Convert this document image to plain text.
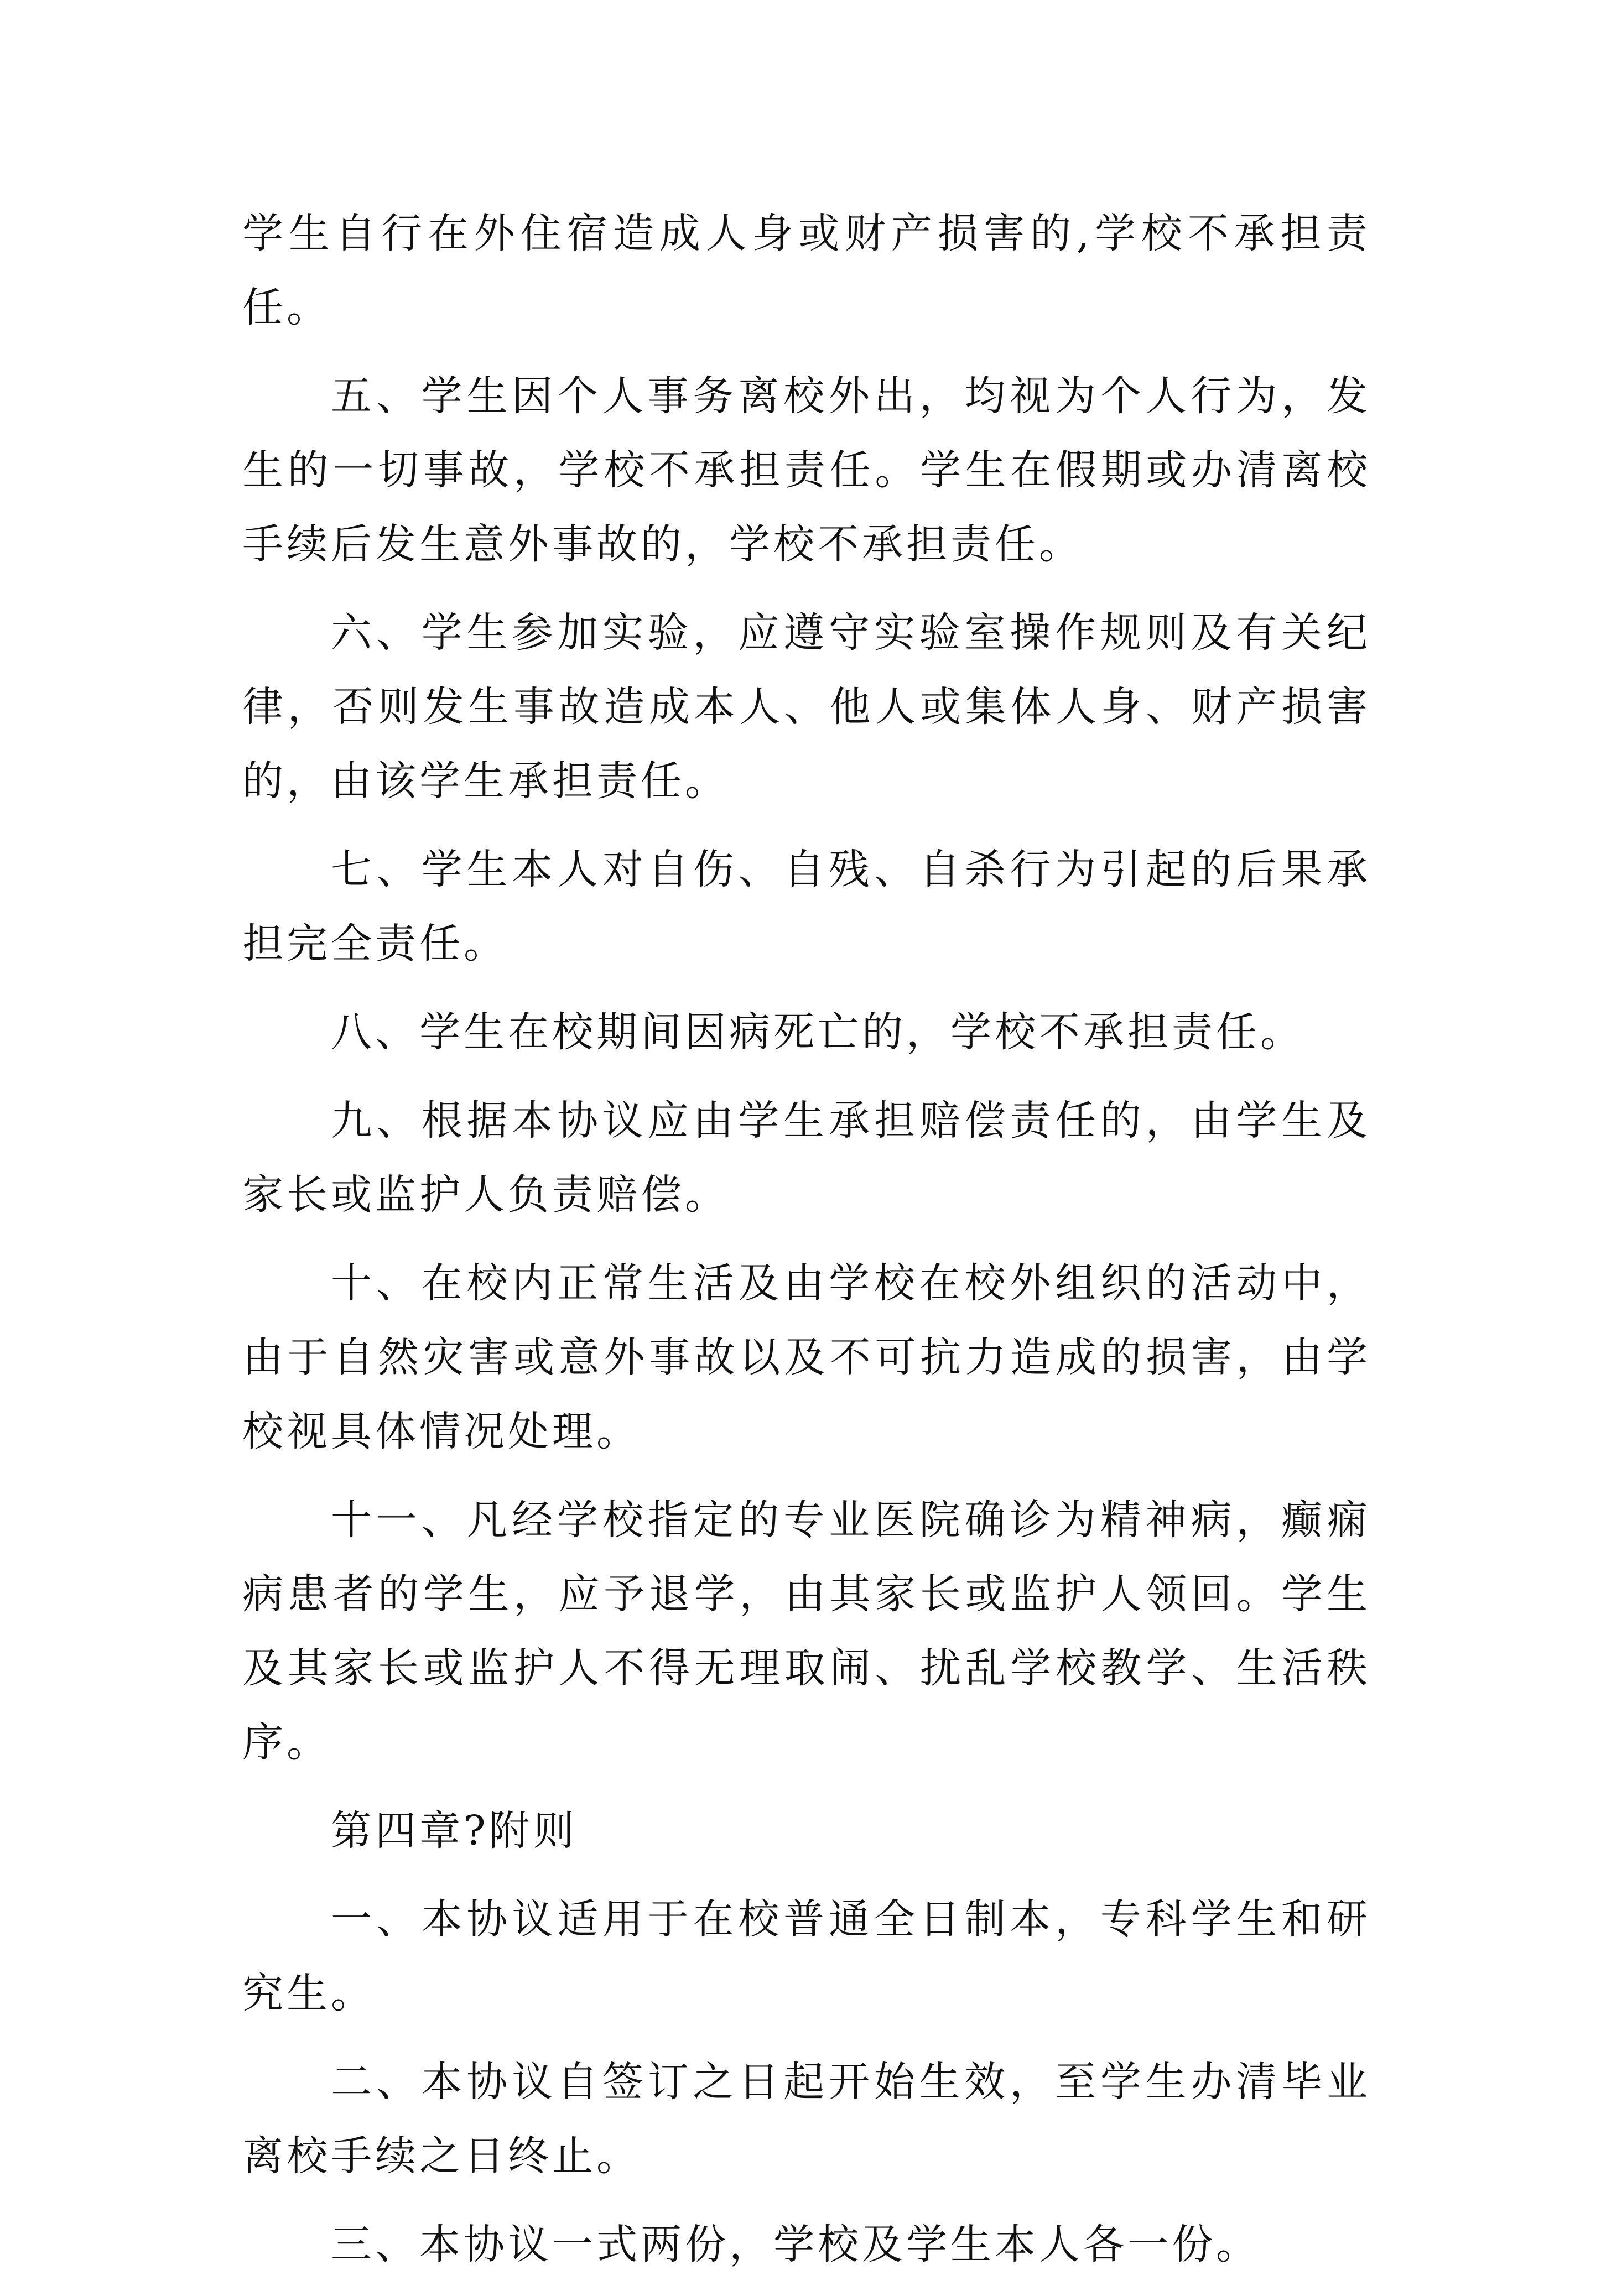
学生自行在外住宿造成人身或财产损害的,学校不承担责任。

五、学生因个人事务离校外出，均视为个人行为，发生的一切事故，学校不承担责任。学生在假期或办清离校手续后发生意外事故的，学校不承担责任。

六、学生参加实验，应遵守实验室操作规则及有关纪律，否则发生事故造成本人、他人或集体人身、财产损害的，由该学生承担责任。

七、学生本人对自伤、自残、自杀行为引起的后果承担完全责任。

八、学生在校期间因病死亡的，学校不承担责任。

九、根据本协议应由学生承担赔偿责任的，由学生及家长或监护人负责赔偿。

十、在校内正常生活及由学校在校外组织的活动中，由于自然灾害或意外事故以及不可抗力造成的损害，由学校视具体情况处理。

十一、凡经学校指定的专业医院确诊为精神病，癫痫病患者的学生，应予退学，由其家长或监护人领回。学生及其家长或监护人不得无理取闹、扰乱学校教学、生活秩序。

第四章?附则

一、本协议适用于在校普通全日制本，专科学生和研究生。

二、本协议自签订之日起开始生效，至学生办清毕业离校手续之日终止。

三、本协议一式两份，学校及学生本人各一份。
